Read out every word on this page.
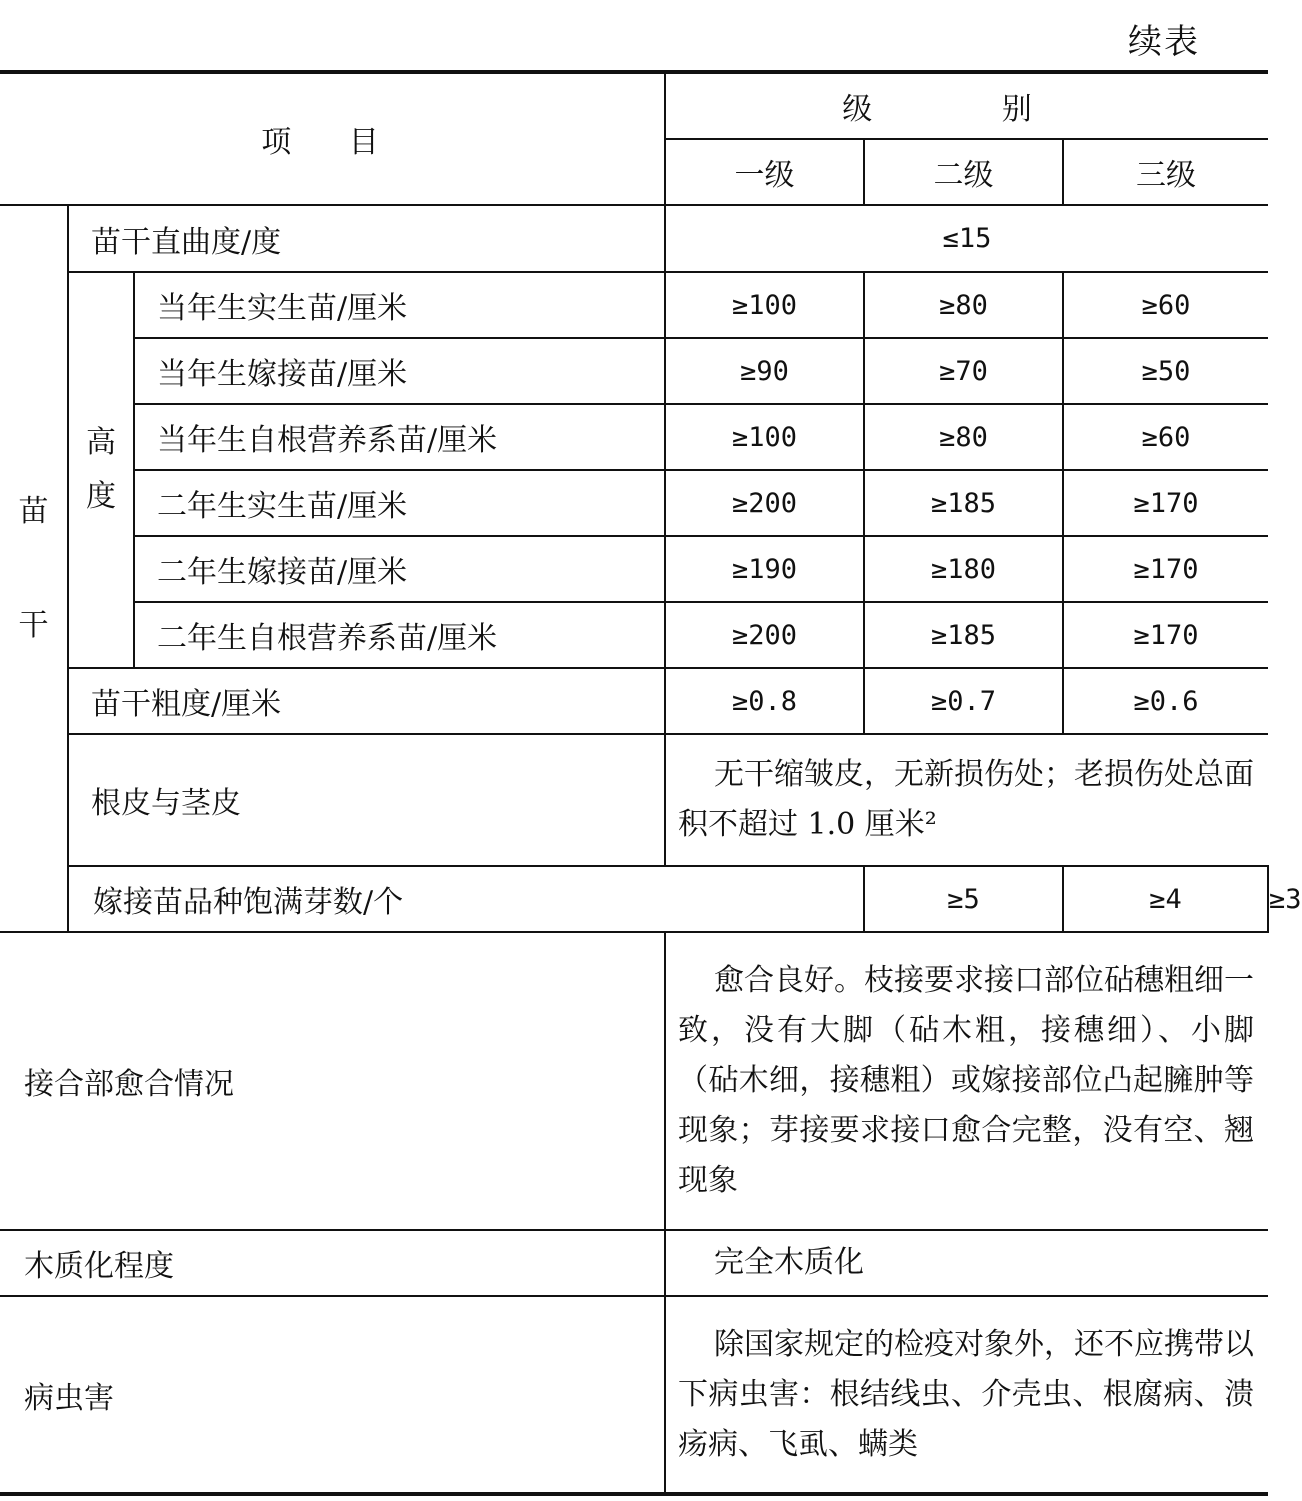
续表
项 目			级 别			
			一级	二级	三级	

苗
干	苗干直曲度/度		≤15			

	高
度	当年生实生苗/厘米	≥100	≥80	≥60	
		当年生嫁接苗/厘米	≥90	≥70	≥50	
		当年生自根营养系苗/厘米	≥100	≥80	≥60	
		二年生实生苗/厘米	≥200	≥185	≥170	
		二年生嫁接苗/厘米	≥190	≥180	≥170	
		二年生自根营养系苗/厘米	≥200	≥185	≥170	
	苗干粗度/厘米		≥0.8	≥0.7	≥0.6	
	根皮与茎皮		无干缩皱皮，无新损伤处；老损伤处总面积不超过 1.0 厘米²			
	嫁接苗品种饱满芽数/个			≥5	≥4	≥3
接合部愈合情况			愈合良好。枝接要求接口部位砧穗粗细一致，没有大脚（砧木粗，接穗细）、小脚（砧木细，接穗粗）或嫁接部位凸起臃肿等现象；芽接要求接口愈合完整，没有空、翘现象			
木质化程度			完全木质化			
病虫害			除国家规定的检疫对象外，还不应携带以下病虫害：根结线虫、介壳虫、根腐病、溃疡病、飞虱、螨类			
